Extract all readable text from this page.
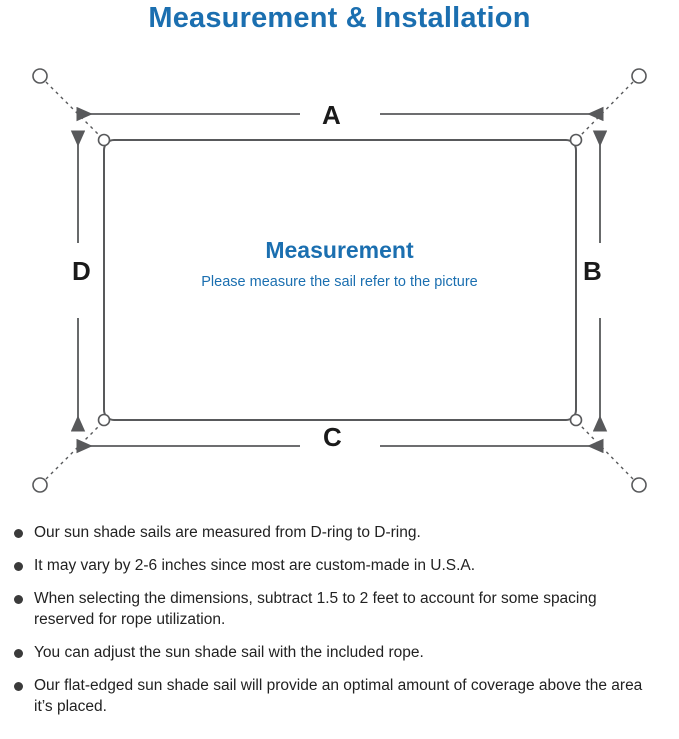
Measurement & Installation
A
B
C
D
Measurement
Please measure the sail refer to the picture
Our sun shade sails are measured from D-ring to D-ring.
It may vary by 2-6 inches since most are custom-made in U.S.A.
When selecting the dimensions, subtract 1.5 to 2 feet to account for some spacing reserved for rope utilization.
You can adjust the sun shade sail with the included rope.
Our flat-edged sun shade sail will provide an optimal amount of coverage above the area it’s placed.
